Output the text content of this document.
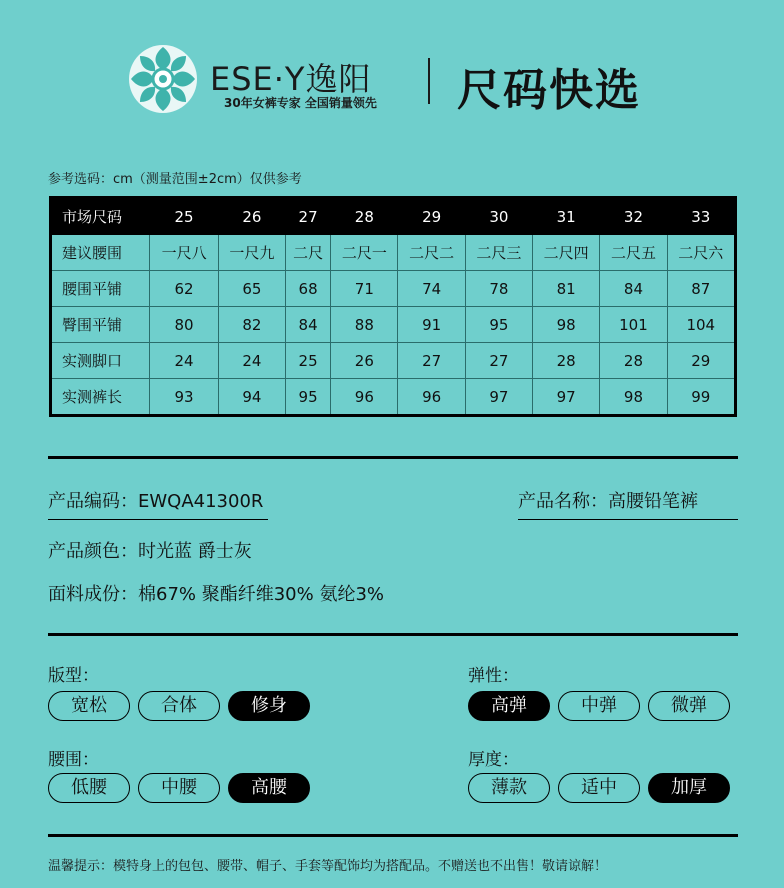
ESE·Y逸阳
30年女裤专家 全国销量领先 尺码快选
参考选码：cm（测量范围±2cm）仅供参考
市场尺码	25	26	27	28	29	30	31	32	33
建议腰围	一尺八	一尺九	二尺	二尺一	二尺二	二尺三	二尺四	二尺五	二尺六
腰围平铺	62	65	68	71	74	78	81	84	87
臀围平铺	80	82	84	88	91	95	98	101	104
实测脚口	24	24	25	26	27	27	28	28	29
实测裤长	93	94	95	96	96	97	97	98	99
产品编码：EWQA41300R	产品名称：高腰铅笔裤
产品颜色：时光蓝 爵士灰
面料成份：棉67% 聚酯纤维30% 氨纶3%
版型：
宽松	合体	修身
弹性：
高弹	中弹	微弹
腰围：
低腰	中腰	高腰
厚度：
薄款	适中	加厚
温馨提示：模特身上的包包、腰带、帽子、手套等配饰均为搭配品。不赠送也不出售！敬请谅解！
